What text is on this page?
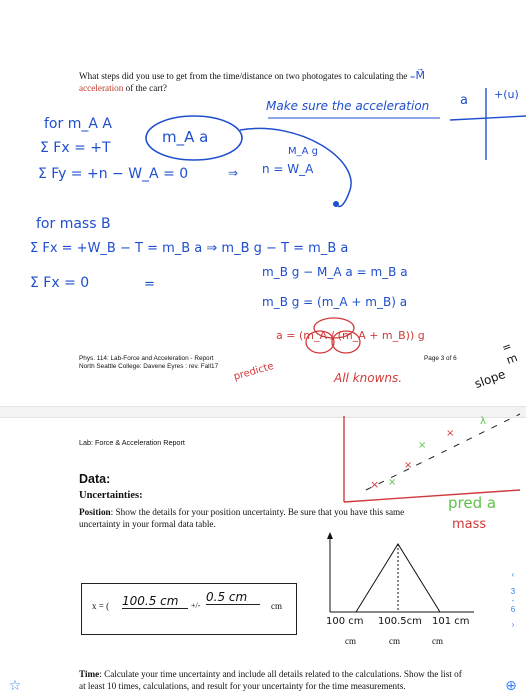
What steps did you use to get from the time/distance on two photogates to calculating the ₌M⃗
acceleration of the cart?
Make sure the acceleration a +(u)
for m_A A
Σ Fx = +T
m_A a
M_A g
Σ Fy = +n − W_A = 0	⇒ n = W_A
for mass B
Σ Fx = +W_B − T = m_B a ⇒ m_B g − T = m_B a
Σ Fx = 0	=
m_B g − M_A a = m_B a
m_B g = (m_A + m_B) a
a = (m_A / (m_A + m_B)) g
predicte	All knowns.	slope
= m
Phys. 114: Lab-Force and Acceleration - Report
North Seattle College: Davene Eyres : rev. Fall17
Page 3 of 6
Lab: Force & Acceleration Report
× ×
×
×
×
λ
Data:
Uncertainties:
Position: Show the details for your position uncertainty. Be sure that you have this same uncertainty in your formal data table.
pred a
mass
x = ( 100.5 cm	+/-
0.5 cm
cm
100 cm 100.5cm 101 cm
cm	cm	cm
Time: Calculate your time uncertainty and include all details related to the calculations. Show the list of at least 10 times, calculations, and result for your uncertainty for the time measurements.
‹
3
-
6
›
☆	⊕
